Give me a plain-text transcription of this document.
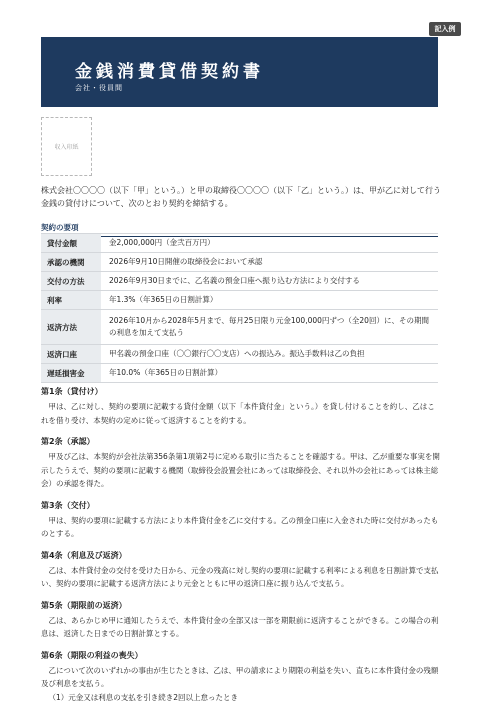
記入例
金銭消費貸借契約書
会社・役員間
収入印紙

株式会社〇〇〇〇（以下「甲」という。）と甲の取締役〇〇〇〇（以下「乙」という。）は、甲が乙に対して行う金銭の貸付けについて、次のとおり契約を締結する。

契約の要項
貸付金額	金2,000,000円（金弐百万円）
承認の機関	2026年9月10日開催の取締役会において承認
交付の方法	2026年9月30日までに、乙名義の預金口座へ振り込む方法により交付する
利率	年1.3%（年365日の日割計算）
返済方法	2026年10月から2028年5月まで、毎月25日限り元金100,000円ずつ（全20回）に、その期間の利息を加えて支払う
返済口座	甲名義の預金口座（〇〇銀行〇〇支店）への振込み。振込手数料は乙の負担
遅延損害金	年10.0%（年365日の日割計算）
第1条（貸付け）

甲は、乙に対し、契約の要項に記載する貸付金額（以下「本件貸付金」という。）を貸し付けることを約し、乙はこれを借り受け、本契約の定めに従って返済することを約する。

第2条（承認）

甲及び乙は、本契約が会社法第356条第1項第2号に定める取引に当たることを確認する。甲は、乙が重要な事実を開示したうえで、契約の要項に記載する機関（取締役会設置会社にあっては取締役会、それ以外の会社にあっては株主総会）の承認を得た。

第3条（交付）

甲は、契約の要項に記載する方法により本件貸付金を乙に交付する。乙の預金口座に入金された時に交付があったものとする。

第4条（利息及び返済）

乙は、本件貸付金の交付を受けた日から、元金の残高に対し契約の要項に記載する利率による利息を日割計算で支払い、契約の要項に記載する返済方法により元金とともに甲の返済口座に振り込んで支払う。

第5条（期限前の返済）

乙は、あらかじめ甲に通知したうえで、本件貸付金の全部又は一部を期限前に返済することができる。この場合の利息は、返済した日までの日割計算とする。

第6条（期限の利益の喪失）

乙について次のいずれかの事由が生じたときは、乙は、甲の請求により期限の利益を失い、直ちに本件貸付金の残額及び利息を支払う。

（1）元金又は利息の支払を引き続き2回以上怠ったとき
